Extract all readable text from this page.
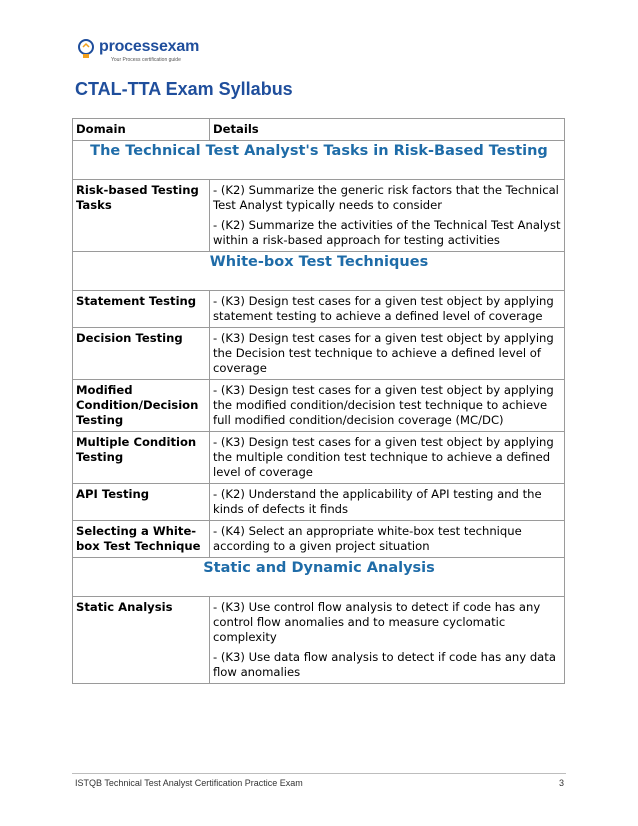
processexam
Your Process certification guide
CTAL-TTA Exam Syllabus
Domain	Details
The Technical Test Analyst's Tasks in Risk-Based Testing	
Risk-based Testing Tasks	- (K2) Summarize the generic risk factors that the Technical Test Analyst typically needs to consider

- (K2) Summarize the activities of the Technical Test Analyst within a risk-based approach for testing activities

White-box Test Techniques	
Statement Testing	- (K3) Design test cases for a given test object by applying statement testing to achieve a defined level of coverage

Decision Testing	- (K3) Design test cases for a given test object by applying the Decision test technique to achieve a defined level of coverage

Modified Condition/Decision Testing	- (K3) Design test cases for a given test object by applying the modified condition/decision test technique to achieve full modified condition/decision coverage (MC/DC)

Multiple Condition Testing	- (K3) Design test cases for a given test object by applying the multiple condition test technique to achieve a defined level of coverage

API Testing	- (K2) Understand the applicability of API testing and the kinds of defects it finds

Selecting a White-box Test Technique	- (K4) Select an appropriate white-box test technique according to a given project situation

Static and Dynamic Analysis	
Static Analysis	- (K3) Use control flow analysis to detect if code has any control flow anomalies and to measure cyclomatic complexity

- (K3) Use data flow analysis to detect if code has any data flow anomalies

ISTQB Technical Test Analyst Certification Practice Exam	3
